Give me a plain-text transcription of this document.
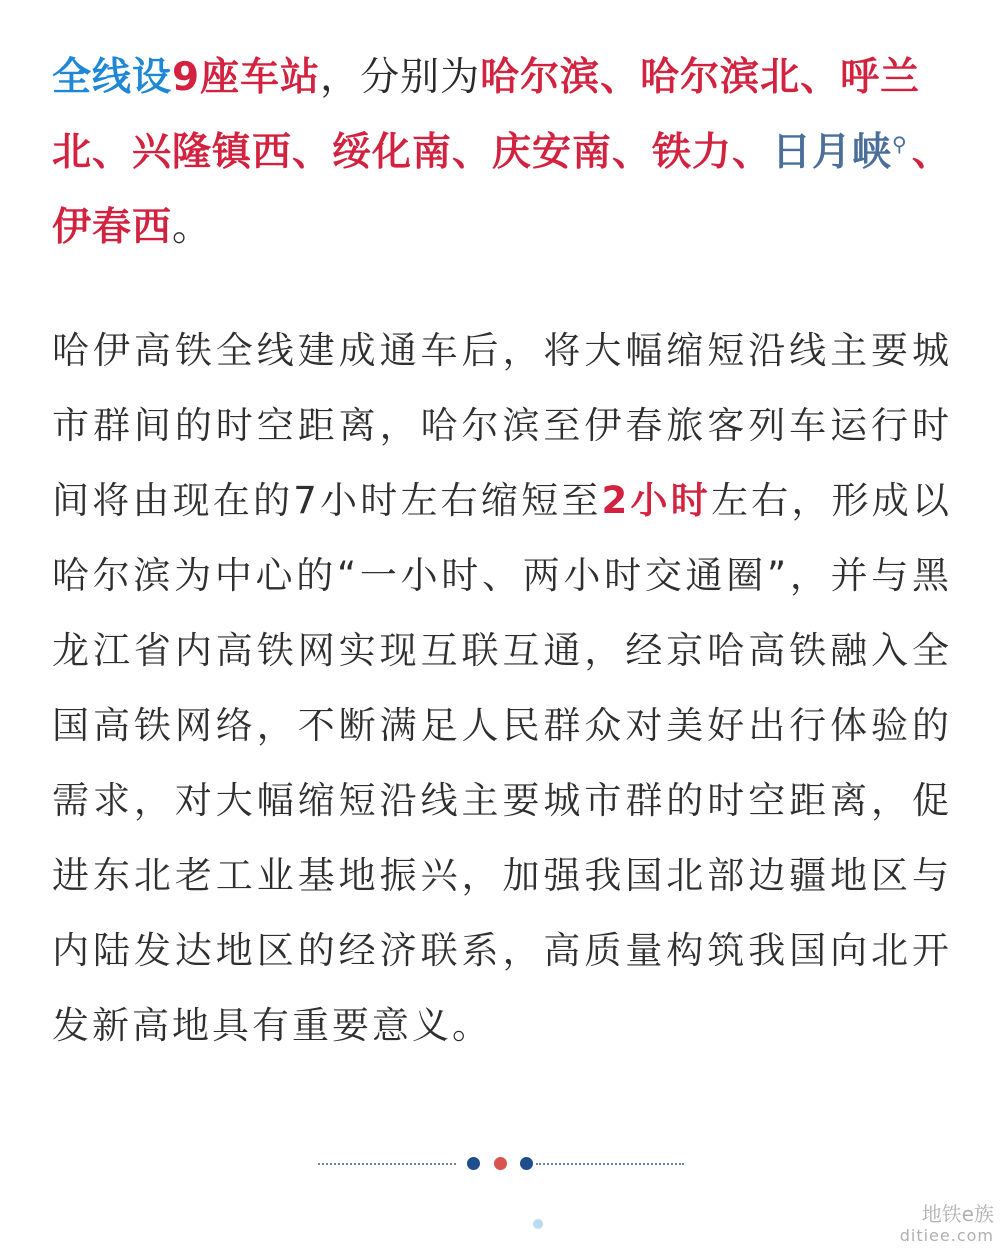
全线设9座车站，分别为哈尔滨、哈尔滨北、呼兰北、兴隆镇西、绥化南、庆安南、铁力、日月峡⚲ 、伊春西。

哈伊高铁全线建成通车后，将大幅缩短沿线主要城市群间的时空距离，哈尔滨至伊春旅客列车运行时间将由现在的7小时左右缩短至2小时左右，形成以哈尔滨为中心的“一小时、两小时交通圈”，并与黑龙江省内高铁网实现互联互通，经京哈高铁融入全国高铁网络，不断满足人民群众对美好出行体验的需求，对大幅缩短沿线主要城市群的时空距离，促进东北老工业基地振兴，加强我国北部边疆地区与内陆发达地区的经济联系，高质量构筑我国向北开发新高地具有重要意义。

地铁e族
ditiee.com
